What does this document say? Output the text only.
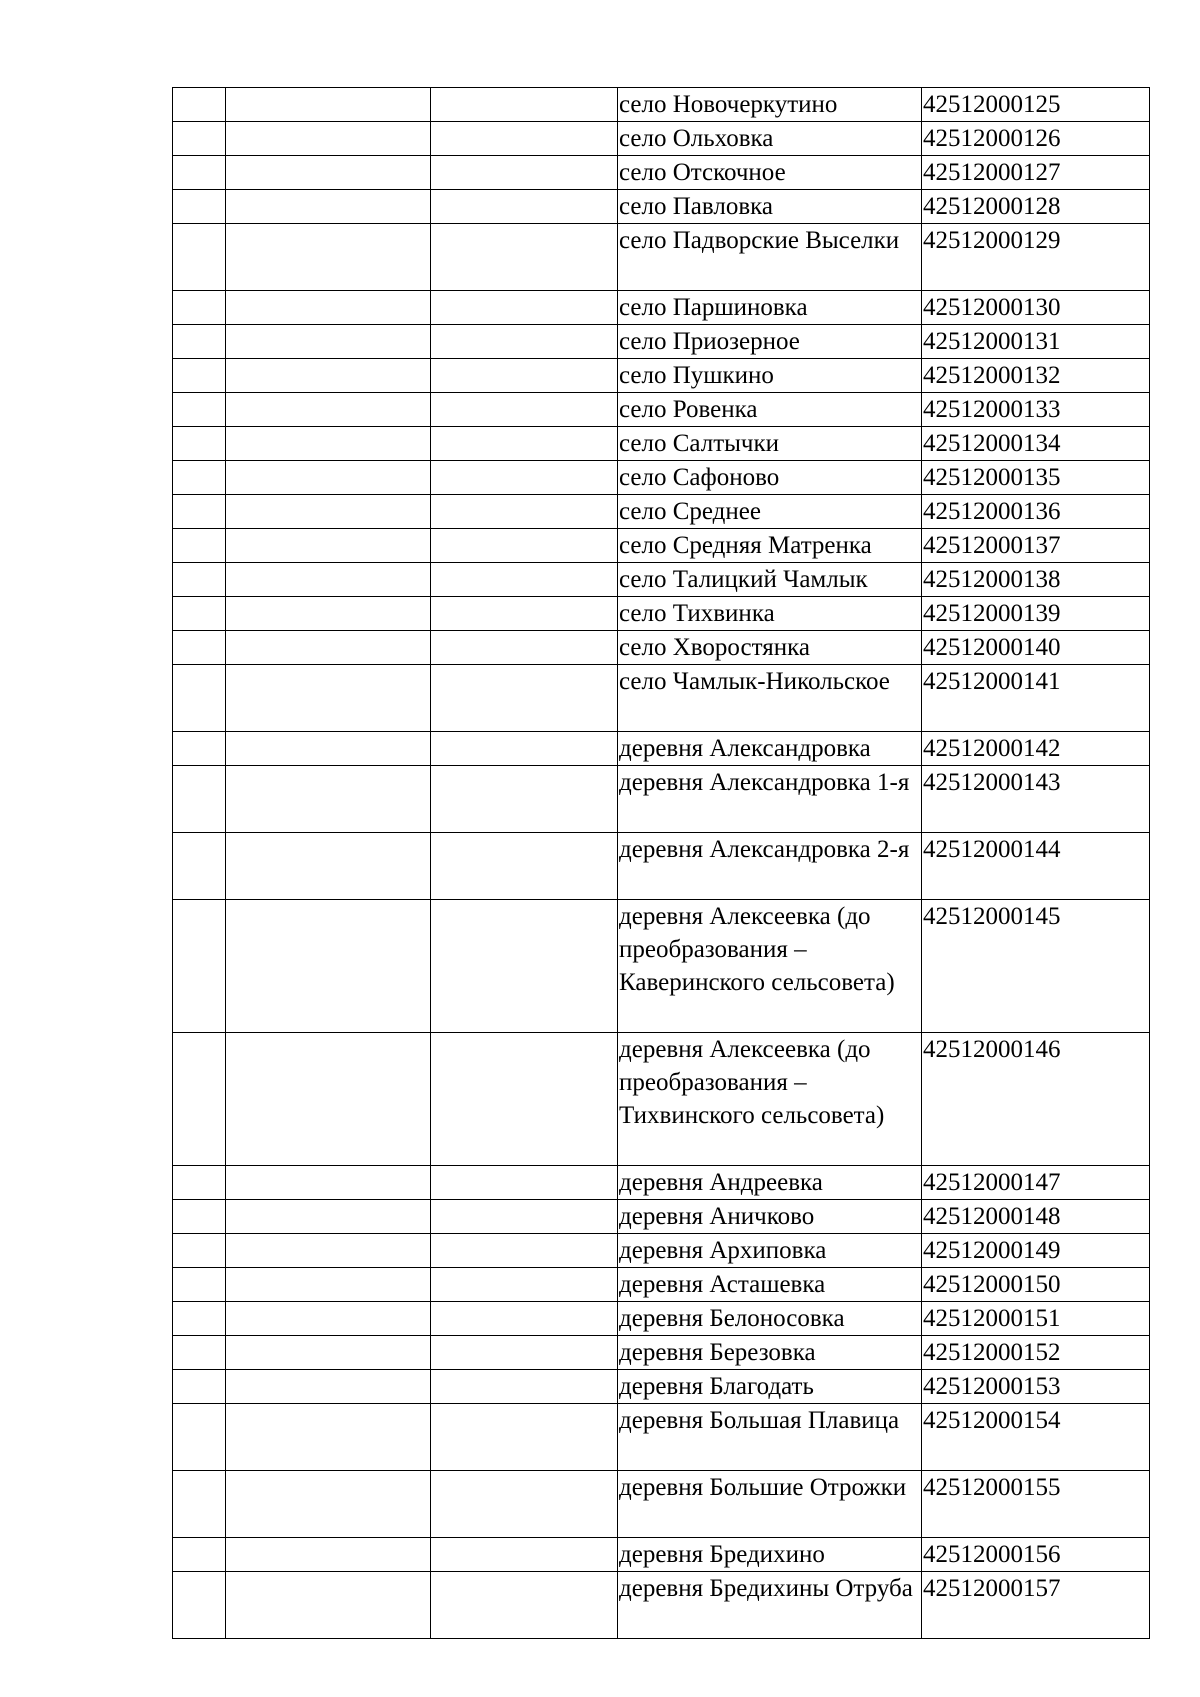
			село Новочеркутино	42512000125
			село Ольховка	42512000126
			село Отскочное	42512000127
			село Павловка	42512000128
			село Падворские Выселки	42512000129
			село Паршиновка	42512000130
			село Приозерное	42512000131
			село Пушкино	42512000132
			село Ровенка	42512000133
			село Салтычки	42512000134
			село Сафоново	42512000135
			село Среднее	42512000136
			село Средняя Матренка	42512000137
			село Талицкий Чамлык	42512000138
			село Тихвинка	42512000139
			село Хворостянка	42512000140
			село Чамлык-Никольское	42512000141
			деревня Александровка	42512000142
			деревня Александровка 1-я	42512000143
			деревня Александровка 2-я	42512000144
			деревня Алексеевка (до преобразования – Каверинского сельсовета)	42512000145
			деревня Алексеевка (до преобразования – Тихвинского сельсовета)	42512000146
			деревня Андреевка	42512000147
			деревня Аничково	42512000148
			деревня Архиповка	42512000149
			деревня Асташевка	42512000150
			деревня Белоносовка	42512000151
			деревня Березовка	42512000152
			деревня Благодать	42512000153
			деревня Большая Плавица	42512000154
			деревня Большие Отрожки	42512000155
			деревня Бредихино	42512000156
			деревня Бредихины Отруба	42512000157
